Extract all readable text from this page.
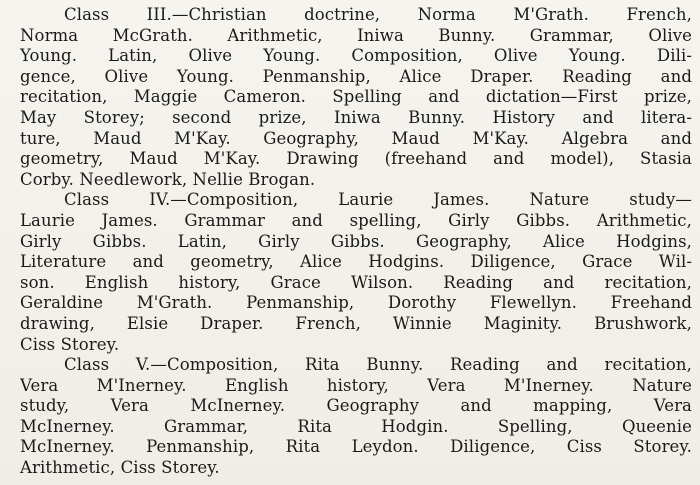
Class III.—Christian doctrine, Norma M'Grath. French,
Norma McGrath. Arithmetic, Iniwa Bunny. Grammar, Olive
Young. Latin, Olive Young. Composition, Olive Young. Dili-
gence, Olive Young. Penmanship, Alice Draper. Reading and
recitation, Maggie Cameron. Spelling and dictation—First prize,
May Storey; second prize, Iniwa Bunny. History and litera-
ture, Maud M'Kay. Geography, Maud M'Kay. Algebra and
geometry, Maud M'Kay. Drawing (freehand and model), Stasia
Corby. Needlework, Nellie Brogan.
Class IV.—Composition, Laurie James. Nature study—
Laurie James. Grammar and spelling, Girly Gibbs. Arithmetic,
Girly Gibbs. Latin, Girly Gibbs. Geography, Alice Hodgins,
Literature and geometry, Alice Hodgins. Diligence, Grace Wil-
son. English history, Grace Wilson. Reading and recitation,
Geraldine M'Grath. Penmanship, Dorothy Flewellyn. Freehand
drawing, Elsie Draper. French, Winnie Maginity. Brushwork,
Ciss Storey.
Class V.—Composition, Rita Bunny. Reading and recitation,
Vera M'Inerney. English history, Vera M'Inerney. Nature
study, Vera McInerney. Geography and mapping, Vera
McInerney. Grammar, Rita Hodgin. Spelling, Queenie
McInerney. Penmanship, Rita Leydon. Diligence, Ciss Storey.
Arithmetic, Ciss Storey.
